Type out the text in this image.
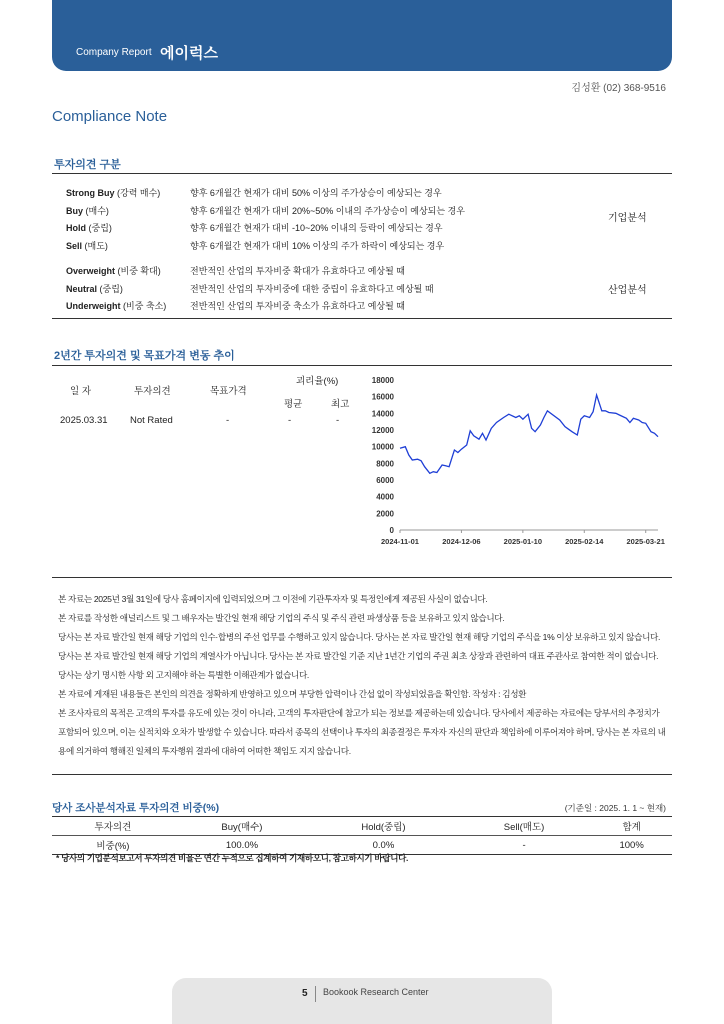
Company Report 에이럭스
김성환 (02) 368-9516
Compliance Note
투자의견 구분
Strong Buy (강력 매수)	향후 6개월간 현재가 대비 50% 이상의 주가상승이 예상되는 경우
Buy (매수)	향후 6개월간 현재가 대비 20%~50% 이내의 주가상승이 예상되는 경우
Hold (중립)	향후 6개월간 현재가 대비 -10~20% 이내의 등락이 예상되는 경우
Sell (매도)	향후 6개월간 현재가 대비 10% 이상의 주가 하락이 예상되는 경우
기업분석
Overweight (비중 확대)	전반적인 산업의 투자비중 확대가 유효하다고 예상될 때
Neutral (중립)	전반적인 산업의 투자비중에 대한 중립이 유효하다고 예상될 때
Underweight (비중 축소)	전반적인 산업의 투자비중 축소가 유효하다고 예상될 때
산업분석
2년간 투자의견 및 목표가격 변동 추이
일 자	투자의견	목표가격
괴리율(%)
평균	최고
2025.03.31 Not Rated	-	-	-
0
2000
4000
6000
8000
10000
12000
14000
16000
18000
2024-11-01	2024-12-06	2025-01-10	2025-02-14	2025-03-21

본 자료는 2025년 3월 31일에 당사 홈페이지에 입력되었으며 그 이전에 기관투자자 및 특정인에게 제공된 사실이 없습니다.

본 자료를 작성한 애널리스트 및 그 배우자는 발간일 현재 해당 기업의 주식 및 주식 관련 파생상품 등을 보유하고 있지 않습니다.

당사는 본 자료 발간일 현재 해당 기업의 인수·합병의 주선 업무를 수행하고 있지 않습니다. 당사는 본 자료 발간일 현재 해당 기업의 주식을 1% 이상 보유하고 있지 않습니다. 당사는 본 자료 발간일 현재 해당 기업의 계열사가 아닙니다. 당사는 본 자료 발간일 기준 지난 1년간 기업의 주권 최초 상장과 관련하여 대표 주관사로 참여한 적이 없습니다. 당사는 상기 명시한 사항 외 고지해야 하는 특별한 이해관계가 없습니다.

본 자료에 게재된 내용들은 본인의 의견을 정확하게 반영하고 있으며 부당한 압력이나 간섭 없이 작성되었음을 확인함. 작성자 : 김성환

본 조사자료의 목적은 고객의 투자를 유도에 있는 것이 아니라, 고객의 투자판단에 참고가 되는 정보를 제공하는데 있습니다. 당사에서 제공하는 자료에는 당부서의 추정치가 포함되어 있으며, 이는 실적치와 오차가 발생할 수 있습니다. 따라서 종목의 선택이나 투자의 최종결정은 투자자 자신의 판단과 책임하에 이루어져야 하며, 당사는 본 자료의 내용에 의거하여 행해진 일체의 투자행위 결과에 대하여 어떠한 책임도 지지 않습니다.

당사 조사분석자료 투자의견 비중(%)	(기준일 : 2025. 1. 1 ~ 현재)
투자의견	Buy(매수)	Hold(중립)	Sell(매도)	합계
비중(%)	100.0%	0.0%	-	100%
* 당사의 기업분석보고서 투자의견 비율은 연간 누적으로 집계하여 기재하오니, 참고하시기 바랍니다.
5 Bookook Research Center
